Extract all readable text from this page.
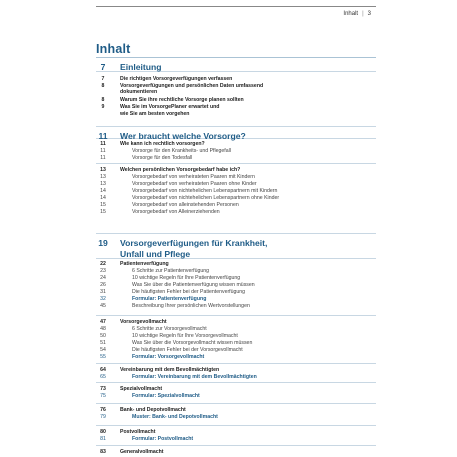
Inhalt | 3
Inhalt
7	Einleitung
7	Die richtigen Vorsorgeverfügungen verfassen
8	Vorsorgeverfügungen und persönlichen Daten umfassend
dokumentieren
8	Warum Sie ihre rechtliche Vorsorge planen sollten
9	Was Sie im VorsorgePlaner erwartet und
wie Sie am besten vorgehen
11 Wer braucht welche Vorsorge?
11	Wie kann ich rechtlich vorsorgen?
11	Vorsorge für den Krankheits- und Pflegefall
11	Vorsorge für den Todesfall
13	Welchen persönlichen Vorsorgebedarf habe ich?
13	Vorsorgebedarf von verheirateten Paaren mit Kindern
13	Vorsorgebedarf von verheirateten Paaren ohne Kinder
14	Vorsorgebedarf von nichtehelichen Lebenspartnern mit Kindern
14	Vorsorgebedarf von nichtehelichen Lebenspartnern ohne Kinder
15	Vorsorgebedarf von alleinstehenden Personen
15	Vorsorgebedarf von Alleinerziehenden
19 Vorsorgeverfügungen für Krankheit,
Unfall und Pflege
22	Patientenverfügung
23	6 Schritte zur Patientenverfügung
24	10 wichtige Regeln für Ihre Patientenverfügung
26	Was Sie über die Patientenverfügung wissen müssen
31	Die häufigsten Fehler bei der Patientenverfügung
32	Formular: Patientenverfügung
45	Beschreibung Ihrer persönlichen Wertvorstellungen
47	Vorsorgevollmacht
48	6 Schritte zur Vorsorgevollmacht
50	10 wichtige Regeln für Ihre Vorsorgevollmacht
51	Was Sie über die Vorsorgevollmacht wissen müssen
54	Die häufigsten Fehler bei der Vorsorgevollmacht
55	Formular: Vorsorgevollmacht
64	Vereinbarung mit dem Bevollmächtigten
65	Formular: Vereinbarung mit dem Bevollmächtigten
73	Spezialvollmacht
75	Formular: Spezialvollmacht
76	Bank- und Depotvollmacht
79	Muster: Bank- und Depotvollmacht
80	Postvollmacht
81	Formular: Postvollmacht
83	Generalvollmacht
